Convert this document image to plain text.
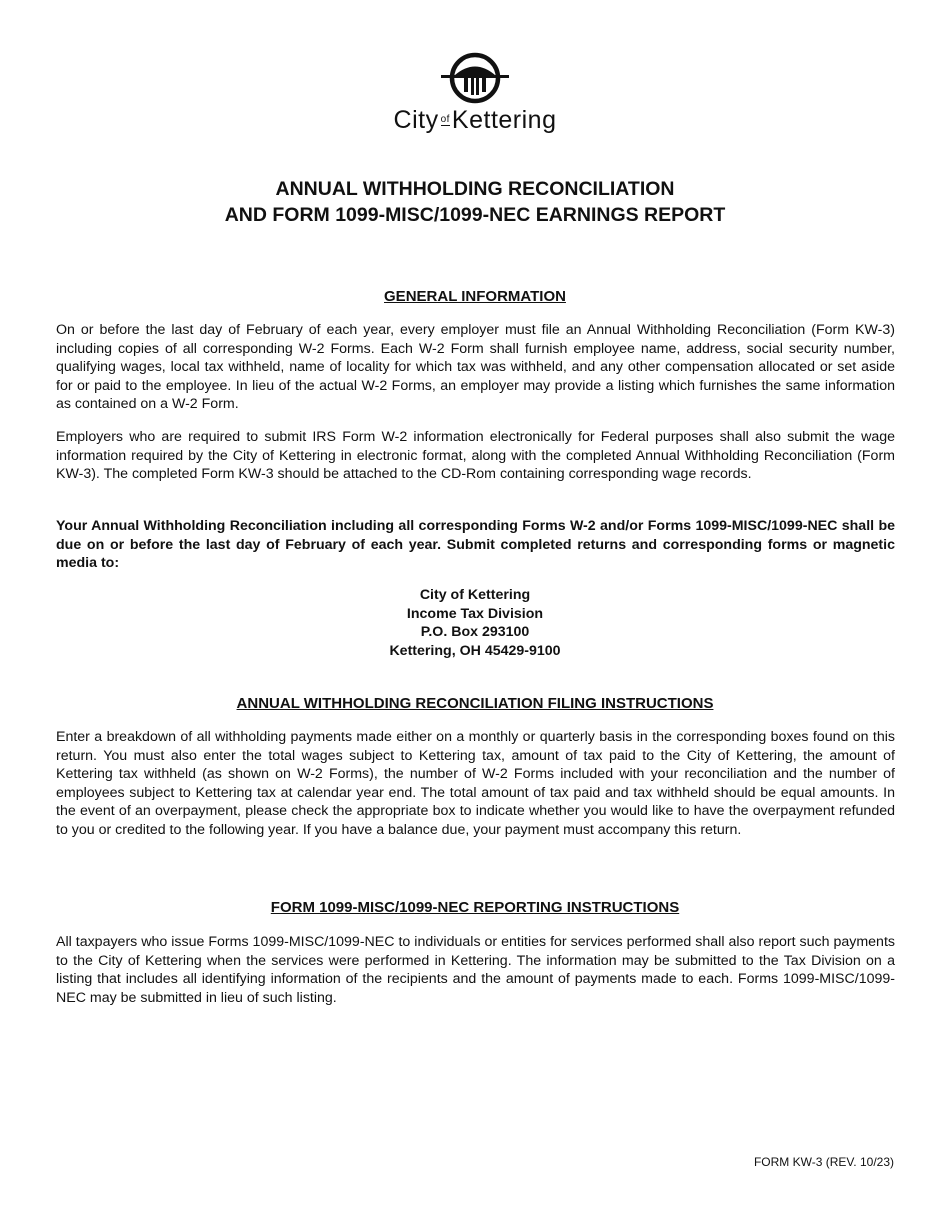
City ofKettering
ANNUAL WITHHOLDING RECONCILIATION
AND FORM 1099-MISC/1099-NEC EARNINGS REPORT
GENERAL INFORMATION

On or before the last day of February of each year, every employer must file an Annual Withholding Reconciliation (Form KW-3) including copies of all corresponding W-2 Forms. Each W-2 Form shall furnish employee name, address, social security number, qualifying wages, local tax withheld, name of locality for which tax was withheld, and any other compensation allocated or set aside for or paid to the employee. In lieu of the actual W-2 Forms, an employer may provide a listing which furnishes the same information as contained on a W-2 Form.

Employers who are required to submit IRS Form W-2 information electronically for Federal purposes shall also submit the wage information required by the City of Kettering in electronic format, along with the completed Annual Withholding Reconciliation (Form KW-3). The completed Form KW-3 should be attached to the CD-Rom containing corresponding wage records.

Your Annual Withholding Reconciliation including all corresponding Forms W-2 and/or Forms 1099-MISC/1099-NEC shall be due on or before the last day of February of each year. Submit completed returns and corresponding forms or magnetic media to:

City of Kettering
Income Tax Division
P.O. Box 293100
Kettering, OH 45429-9100
ANNUAL WITHHOLDING RECONCILIATION FILING INSTRUCTIONS

Enter a breakdown of all withholding payments made either on a monthly or quarterly basis in the corresponding boxes found on this return. You must also enter the total wages subject to Kettering tax, amount of tax paid to the City of Kettering, the amount of Kettering tax withheld (as shown on W-2 Forms), the number of W-2 Forms included with your reconciliation and the number of employees subject to Kettering tax at calendar year end. The total amount of tax paid and tax withheld should be equal amounts. In the event of an overpayment, please check the appropriate box to indicate whether you would like to have the overpayment refunded to you or credited to the following year. If you have a balance due, your payment must accompany this return.

FORM 1099-MISC/1099-NEC REPORTING INSTRUCTIONS

All taxpayers who issue Forms 1099-MISC/1099-NEC to individuals or entities for services performed shall also report such payments to the City of Kettering when the services were performed in Kettering. The information may be submitted to the Tax Division on a listing that includes all identifying information of the recipients and the amount of payments made to each. Forms 1099-MISC/1099-NEC may be submitted in lieu of such listing.

FORM KW-3 (REV. 10/23)
